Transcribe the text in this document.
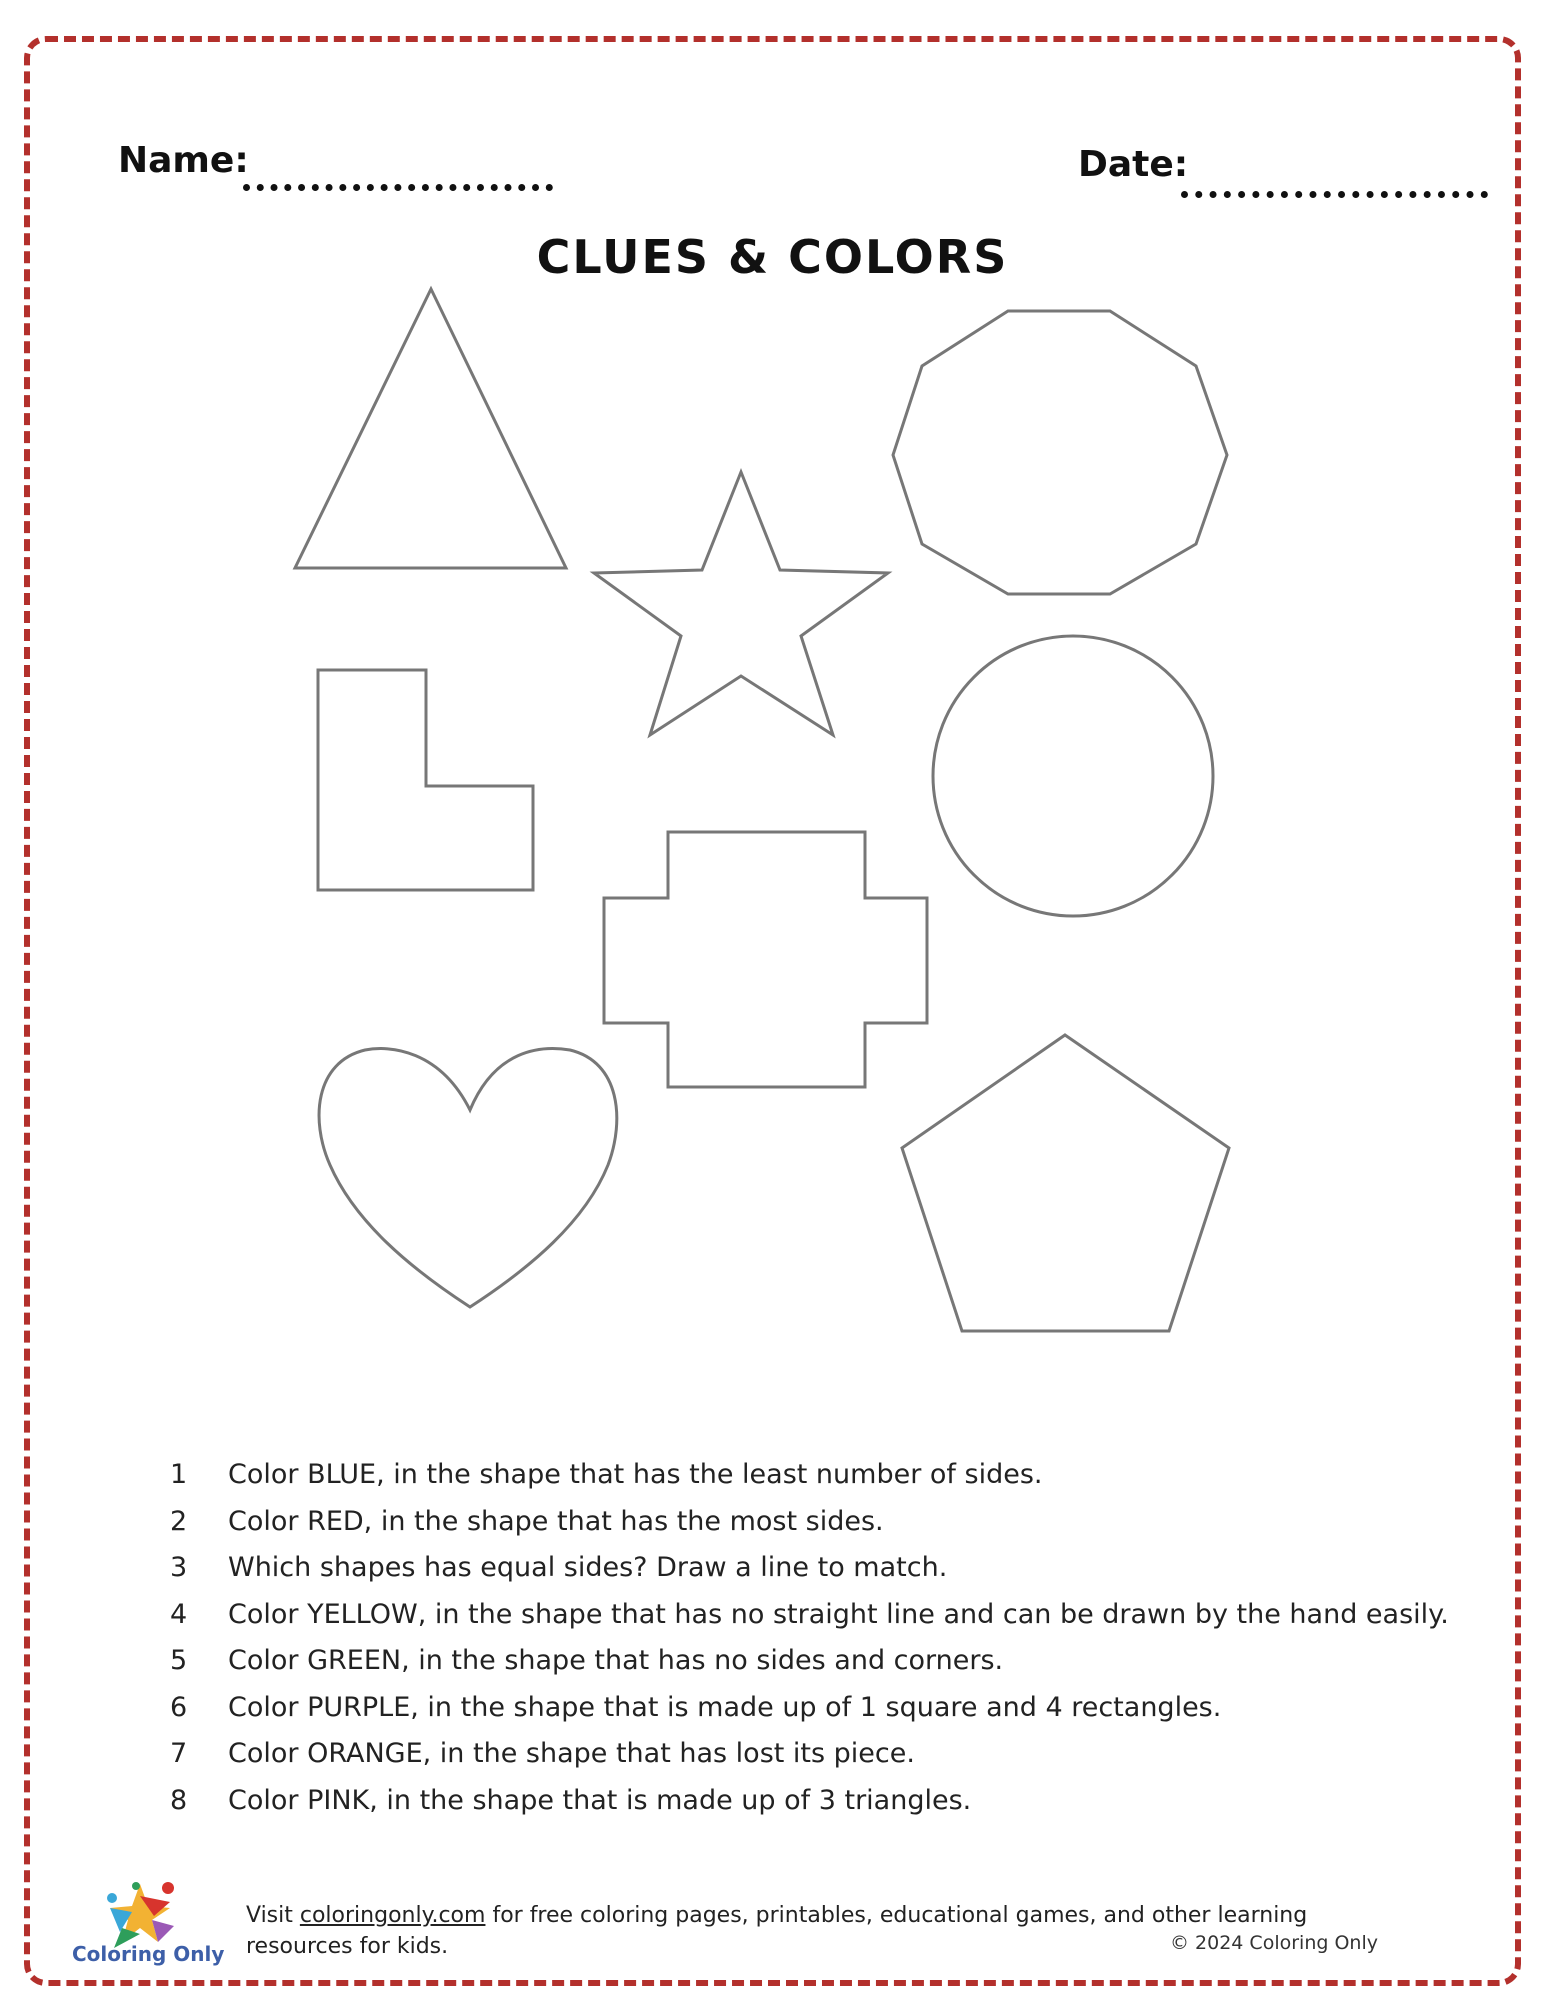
Name:	Date:
CLUES & COLORS
1	Color BLUE, in the shape that has the least number of sides.
2	Color RED, in the shape that has the most sides.
3	Which shapes has equal sides? Draw a line to match.
4	Color YELLOW, in the shape that has no straight line and can be drawn by the hand easily.
5	Color GREEN, in the shape that has no sides and corners.
6	Color PURPLE, in the shape that is made up of 1 square and 4 rectangles.
7	Color ORANGE, in the shape that has lost its piece.
8	Color PINK, in the shape that is made up of 3 triangles.
Coloring Only
Visit coloringonly.com for free coloring pages, printables, educational games, and other learning resources for kids.	© 2024 Coloring Only
